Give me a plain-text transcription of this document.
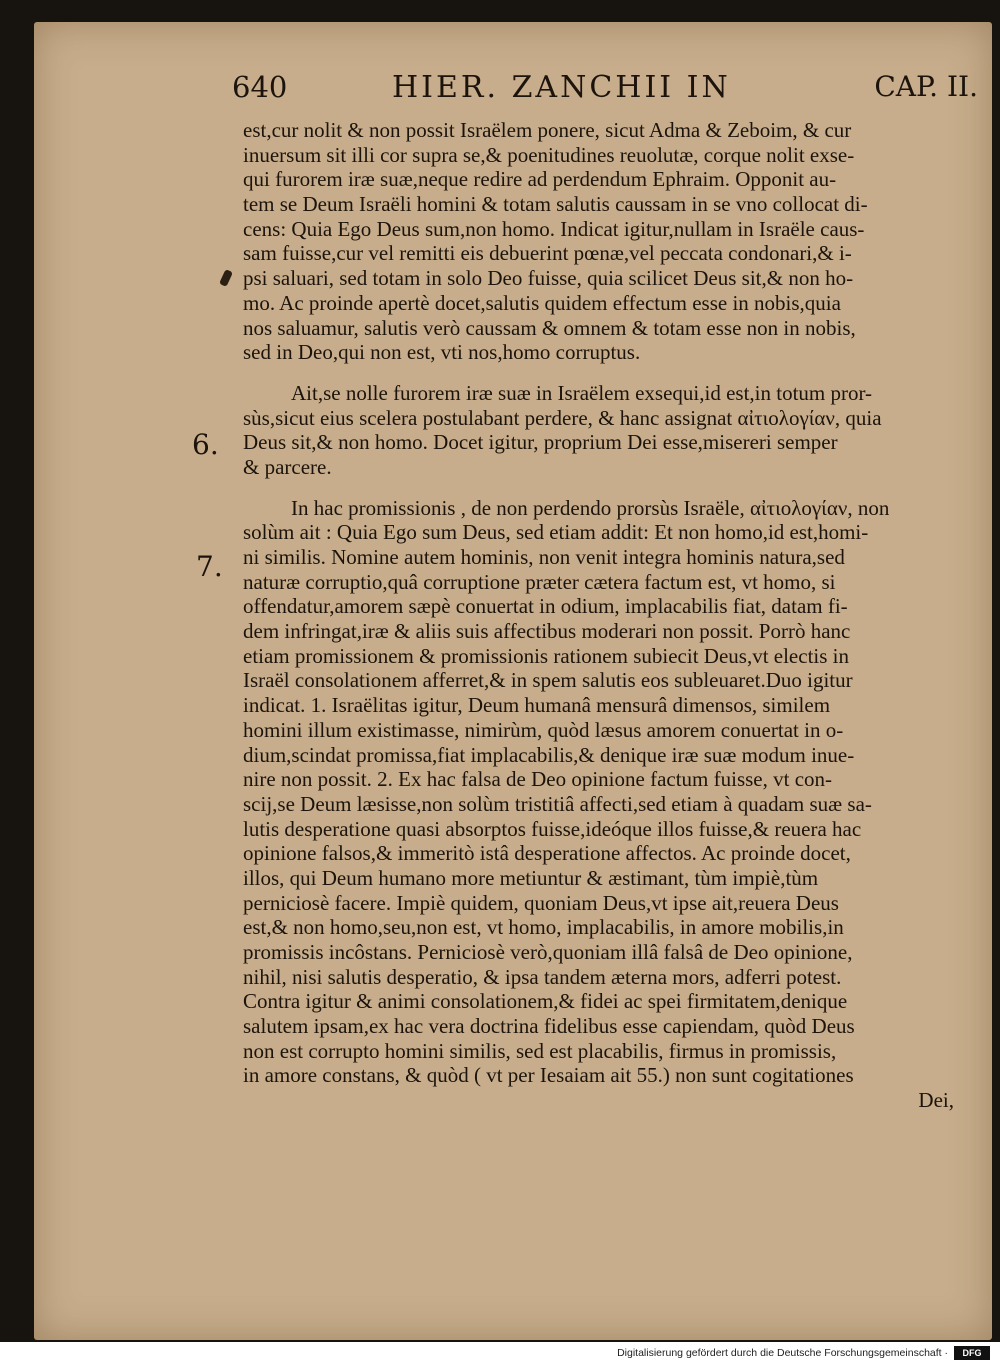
640	HIER. ZANCHII IN	CAP. II.
6.
7.
est,cur nolit & non possit Israëlem ponere, sicut Adma & Zeboim, & cur
inuersum sit illi cor supra se,& poenitudines reuolutæ, corque nolit exse-
qui furorem iræ suæ,neque redire ad perdendum Ephraim. Opponit au-
tem se Deum Israëli homini & totam salutis caussam in se vno collocat di-
cens: Quia Ego Deus sum,non homo. Indicat igitur,nullam in Israële caus-
sam fuisse,cur vel remitti eis debuerint pœnæ,vel peccata condonari,& i-
psi saluari, sed totam in solo Deo fuisse, quia scilicet Deus sit,& non ho-
mo. Ac proinde apertè docet,salutis quidem effectum esse in nobis,quia
nos saluamur, salutis verò caussam & omnem & totam esse non in nobis,
sed in Deo,qui non est, vti nos,homo corruptus.
Ait,se nolle furorem iræ suæ in Israëlem exsequi,id est,in totum pror-
sùs,sicut eius scelera postulabant perdere, & hanc assignat αἰτιολογίαν, quia
Deus sit,& non homo. Docet igitur, proprium Dei esse,misereri semper
& parcere.
In hac promissionis , de non perdendo prorsùs Israële, αἰτιολογίαν, non
solùm ait : Quia Ego sum Deus, sed etiam addit: Et non homo,id est,homi-
ni similis. Nomine autem hominis, non venit integra hominis natura,sed
naturæ corruptio,quâ corruptione præter cætera factum est, vt homo, si
offendatur,amorem sæpè conuertat in odium, implacabilis fiat, datam fi-
dem infringat,iræ & aliis suis affectibus moderari non possit. Porrò hanc
etiam promissionem & promissionis rationem subiecit Deus,vt electis in
Israël consolationem afferret,& in spem salutis eos subleuaret.Duo igitur
indicat. 1. Israëlitas igitur, Deum humanâ mensurâ dimensos, similem
homini illum existimasse, nimirùm, quòd læsus amorem conuertat in o-
dium,scindat promissa,fiat implacabilis,& denique iræ suæ modum inue-
nire non possit. 2. Ex hac falsa de Deo opinione factum fuisse, vt con-
scij,se Deum læsisse,non solùm tristitiâ affecti,sed etiam à quadam suæ sa-
lutis desperatione quasi absorptos fuisse,ideóque illos fuisse,& reuera hac
opinione falsos,& immeritò istâ desperatione affectos. Ac proinde docet,
illos, qui Deum humano more metiuntur & æstimant, tùm impiè,tùm
perniciosè facere. Impiè quidem, quoniam Deus,vt ipse ait,reuera Deus
est,& non homo,seu,non est, vt homo, implacabilis, in amore mobilis,in
promissis incôstans. Perniciosè verò,quoniam illâ falsâ de Deo opinione,
nihil, nisi salutis desperatio, & ipsa tandem æterna mors, adferri potest.
Contra igitur & animi consolationem,& fidei ac spei firmitatem,denique
salutem ipsam,ex hac vera doctrina fidelibus esse capiendam, quòd Deus
non est corrupto homini similis, sed est placabilis, firmus in promissis,
in amore constans, & quòd ( vt per Iesaiam ait 55.) non sunt cogitationes
Dei,
Digitalisierung gefördert durch die Deutsche Forschungsgemeinschaft ·	DFG
